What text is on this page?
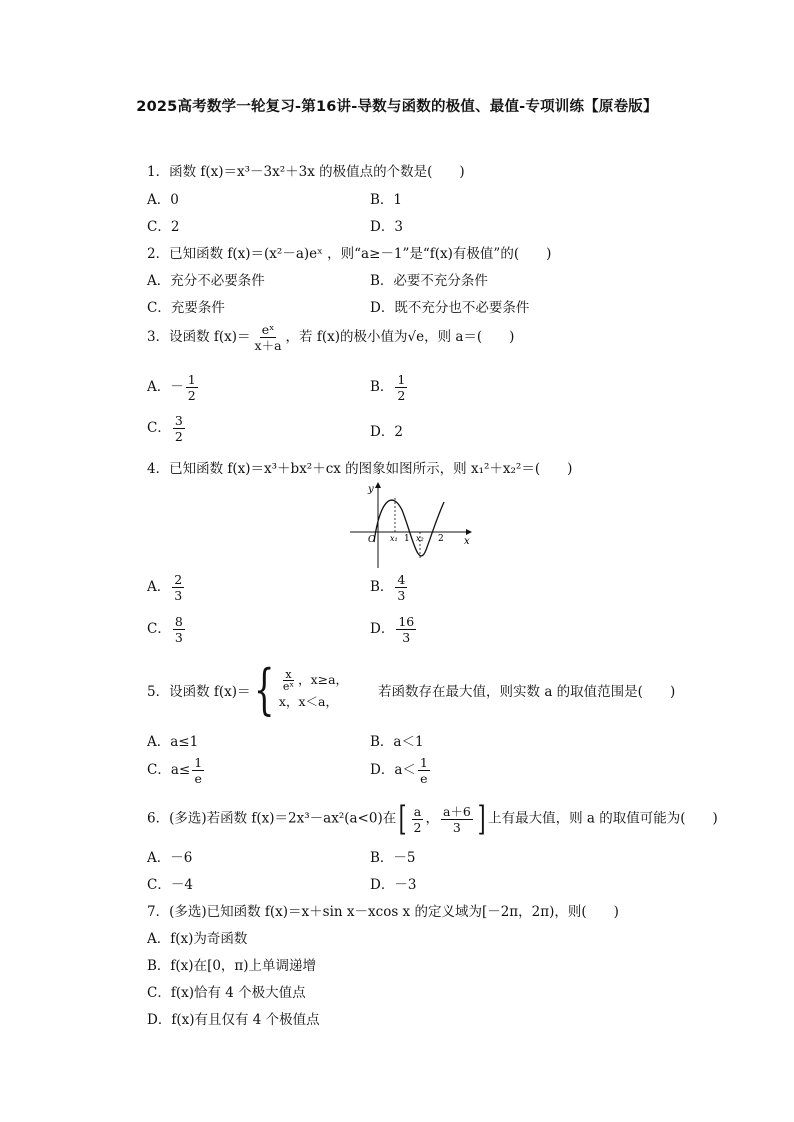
2025高考数学一轮复习-第16讲-导数与函数的极值、最值-专项训练【原卷版】
1．函数 f(x)＝x³－3x²＋3x 的极值点的个数是(　　)
A．0	B．1
C．2	D．3
2．已知函数 f(x)＝(x²－a)eˣ ，则“a≥－1”是“f(x)有极值”的(　　)
A．充分不必要条件	B．必要不充分条件
C．充要条件	D．既不充分也不必要条件
3．设函数 $f(x)= \frac{\text{eˣ}}{x+a}$ ，若 f(x)的极小值为√e，则 a＝(　　)
A．－ $\frac{1}{2}$	B． $\frac{1}{2}$
C． $\frac{3}{2}$	D．2
4．已知函数 f(x)＝x³＋bx²＋cx 的图象如图所示，则 x₁²＋x₂²＝(　　)
y
x
O x₁ 1 x₂ 2
A． $\frac{2}{3}$	B． $\frac{4}{3}$
C． $\frac{8}{3}$	D． $\frac{16}{3}$
5．设函数 f(x)＝ { $\frac{x}{\text{eˣ}}$ ，x≥a，
x，x＜a，
若函数存在最大值，则实数 a 的取值范围是(　　)
A．a≤1	B．a＜1
C．$a\le \frac{1}{e}$	D．$a< \frac{1}{e}$
6．(多选)若函数 f(x)＝2x³－ax²(a<0)在[ $\frac{a}{2}$ ， $\frac{a+6}{3}$ ] 上有最大值，则 a 的取值可能为(　　)
A．－6	B．－5
C．－4	D．－3
7．(多选)已知函数 f(x)＝x＋sin x－xcos x 的定义域为[－2π，2π)，则(　　)
A．f(x)为奇函数
B．f(x)在[0，π)上单调递增
C．f(x)恰有 4 个极大值点
D．f(x)有且仅有 4 个极值点
